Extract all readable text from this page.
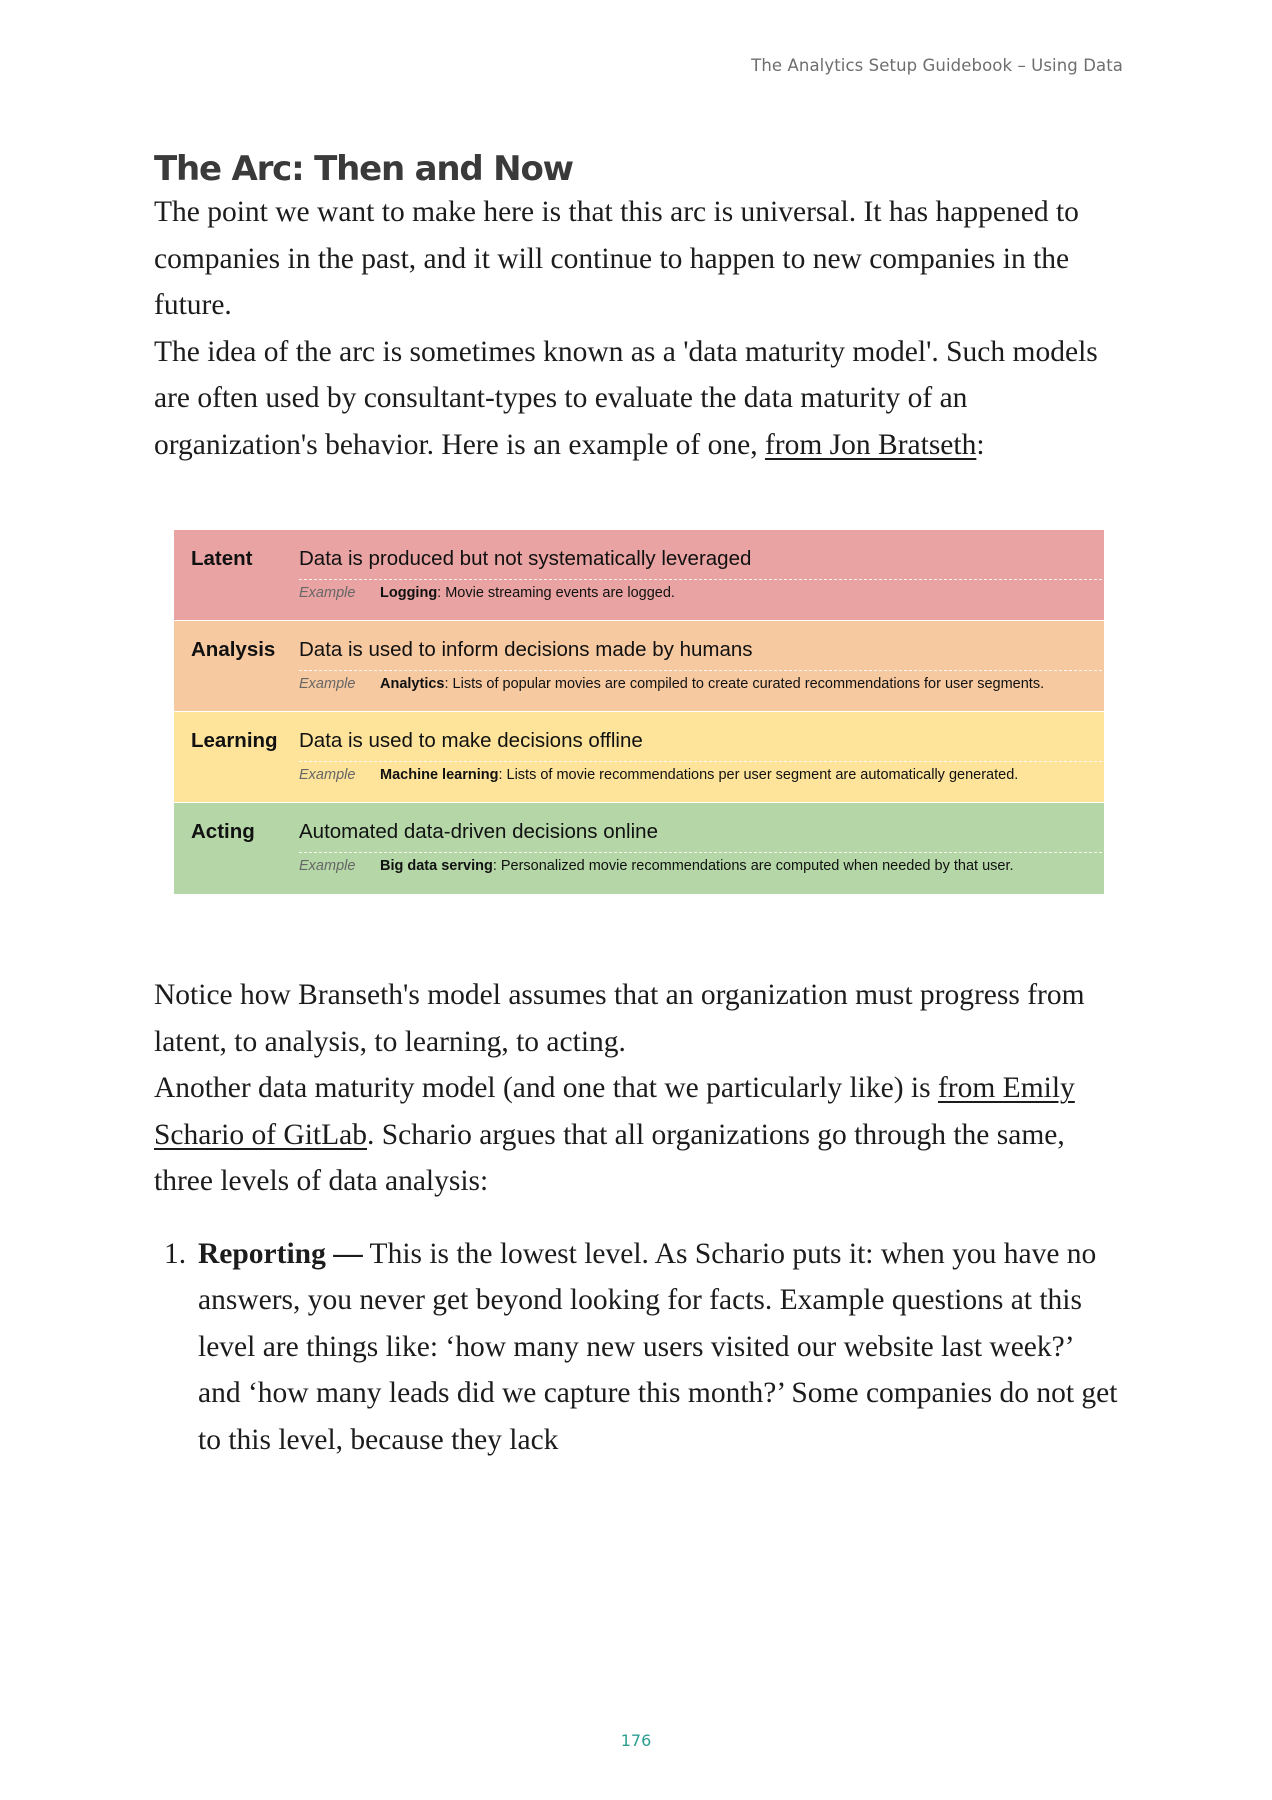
The Analytics Setup Guidebook – Using Data
The Arc: Then and Now

The point we want to make here is that this arc is universal. It has happened to companies in the past, and it will continue to happen to new companies in the future.

The idea of the arc is sometimes known as a 'data maturity model'. Such models are often used by consultant-types to evaluate the data maturity of an organization's behavior. Here is an example of one, from Jon Bratseth:

Latent Data is produced but not systematically leveraged
Example Logging: Movie streaming events are logged.
Analysis Data is used to inform decisions made by humans
Example Analytics: Lists of popular movies are compiled to create curated recommendations for user segments.
Learning Data is used to make decisions offline
Example Machine learning: Lists of movie recommendations per user segment are automatically generated.
Acting Automated data-driven decisions online
Example Big data serving: Personalized movie recommendations are computed when needed by that user.

Notice how Branseth's model assumes that an organization must progress from latent, to analysis, to learning, to acting.

Another data maturity model (and one that we particularly like) is from Emily Schario of GitLab. Schario argues that all organizations go through the same, three levels of data analysis:

1. Reporting — This is the lowest level. As Schario puts it: when you have no answers, you never get beyond looking for facts. Example questions at this level are things like: ‘how many new users visited our website last week?’ and ‘how many leads did we capture this month?’ Some companies do not get to this level, because they lack

176
